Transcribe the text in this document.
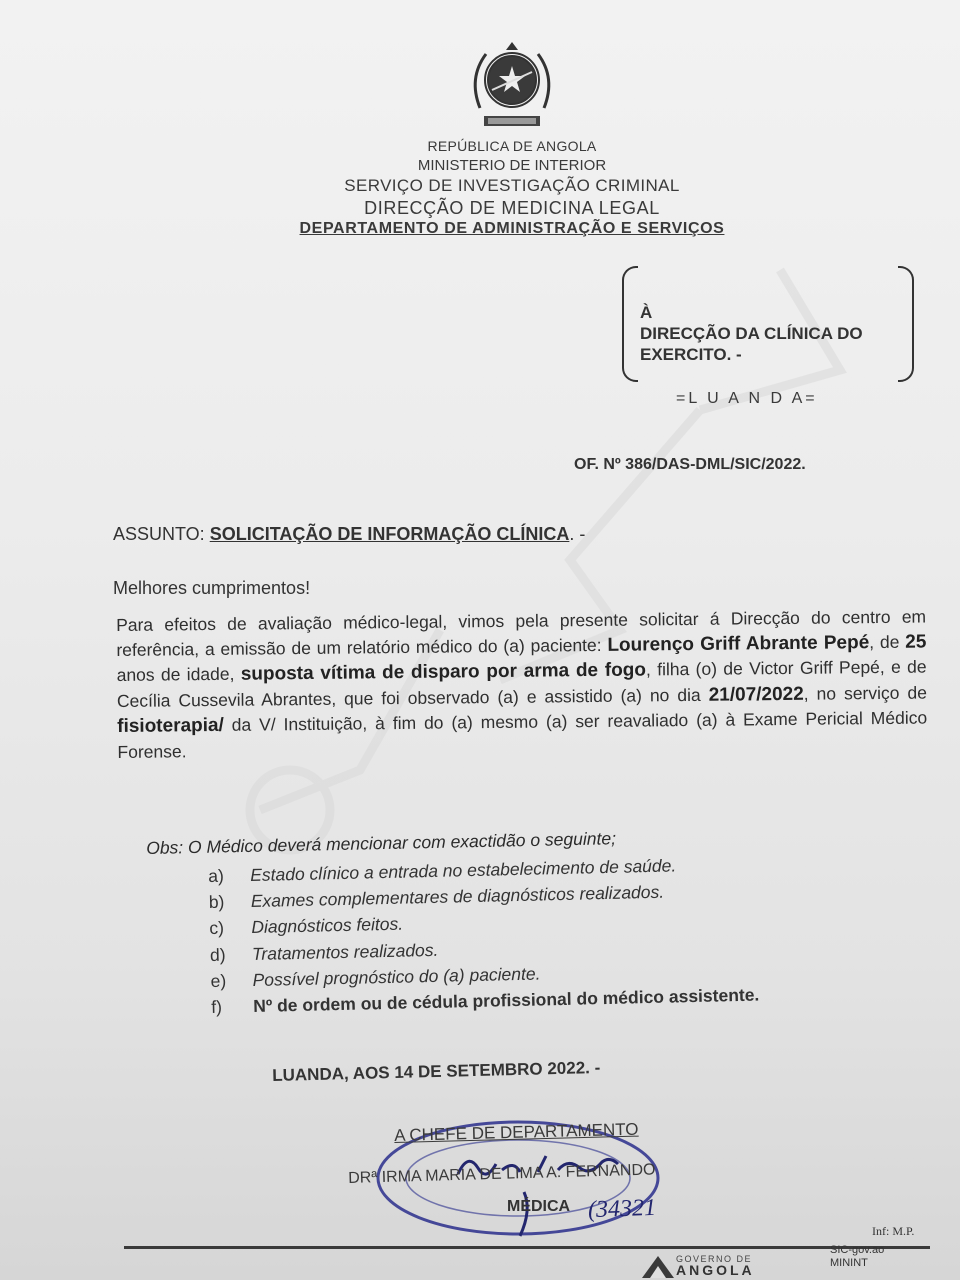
REPÚBLICA DE ANGOLA
MINISTERIO DE INTERIOR
SERVIÇO DE INVESTIGAÇÃO CRIMINAL
DIRECÇÃO DE MEDICINA LEGAL
DEPARTAMENTO DE ADMINISTRAÇÃO E SERVIÇOS
À
DIRECÇÃO DA CLÍNICA DO
EXERCITO. -
=L U A N D A=
OF. Nº 386/DAS-DML/SIC/2022.
ASSUNTO: SOLICITAÇÃO DE INFORMAÇÃO CLÍNICA. -
Melhores cumprimentos!
Para efeitos de avaliação médico-legal, vimos pela presente solicitar á Direcção do centro em referência, a emissão de um relatório médico do (a) paciente: Lourenço Griff Abrante Pepé, de 25 anos de idade, suposta vítima de disparo por arma de fogo, filha (o) de Victor Griff Pepé, e de Cecília Cussevila Abrantes, que foi observado (a) e assistido (a) no dia 21/07/2022, no serviço de fisioterapia/ da V/ Instituição, à fim do (a) mesmo (a) ser reavaliado (a) à Exame Pericial Médico Forense.
Obs: O Médico deverá mencionar com exactidão o seguinte;
a)	Estado clínico a entrada no estabelecimento de saúde.
b)	Exames complementares de diagnósticos realizados.
c)	Diagnósticos feitos.
d)	Tratamentos realizados.
e)	Possível prognóstico do (a) paciente.
f)	Nº de ordem ou de cédula profissional do médico assistente.
LUANDA, AOS 14 DE SETEMBRO 2022. -
A CHEFE DE DEPARTAMENTO
DRª IRMA MARIA DE LIMA A. FERNANDO
MÉDICA (34321
Inf: M.P.
GOVERNO DE
ANGOLA
SIC-gov.ao
MININT
